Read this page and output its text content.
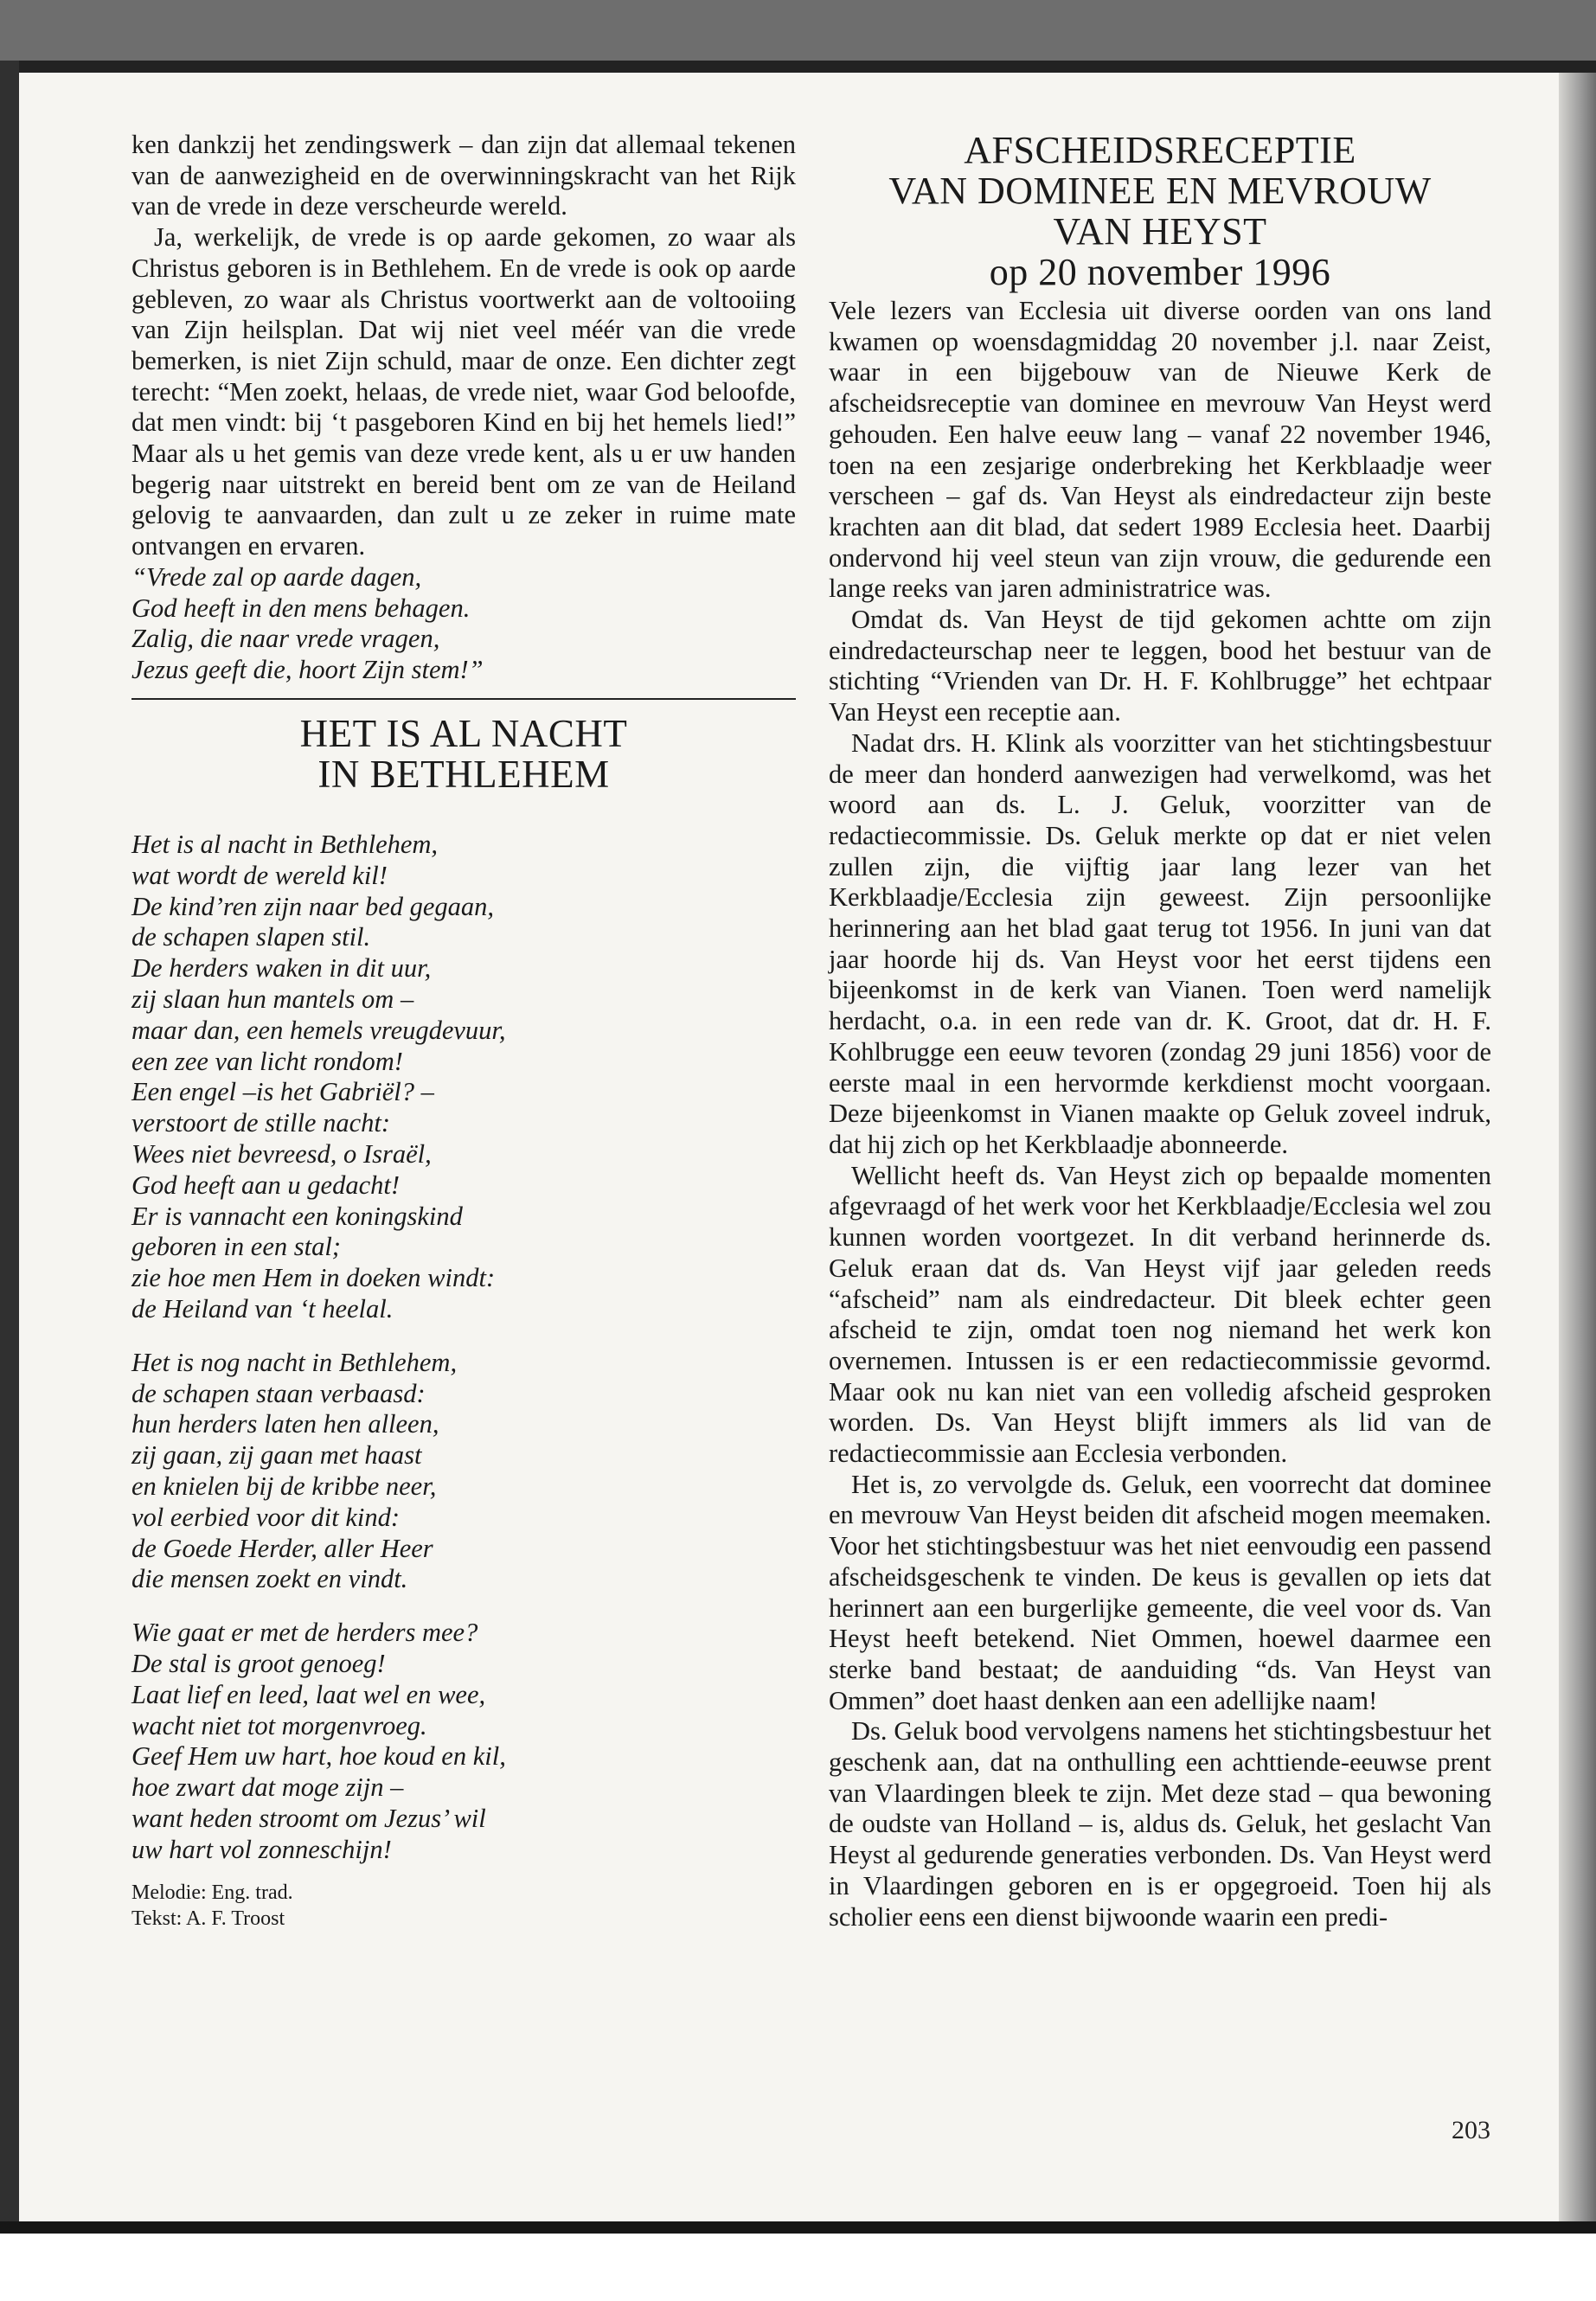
ken dankzij het zendingswerk – dan zijn dat allemaal tekenen van de aanwezigheid en de overwinningskracht van het Rijk van de vrede in deze verscheurde wereld.

Ja, werkelijk, de vrede is op aarde gekomen, zo waar als Christus geboren is in Bethlehem. En de vrede is ook op aarde gebleven, zo waar als Christus voortwerkt aan de voltooiing van Zijn heilsplan. Dat wij niet veel méér van die vrede bemerken, is niet Zijn schuld, maar de onze. Een dichter zegt terecht: “Men zoekt, helaas, de vrede niet, waar God beloofde, dat men vindt: bij ‘t pasgeboren Kind en bij het hemels lied!” Maar als u het gemis van deze vrede kent, als u er uw handen begerig naar uitstrekt en bereid bent om ze van de Heiland gelovig te aanvaarden, dan zult u ze zeker in ruime mate ontvangen en ervaren.

“Vrede zal op aarde dagen,
God heeft in den mens behagen.
Zalig, die naar vrede vragen,
Jezus geeft die, hoort Zijn stem!”

HET IS AL NACHT
IN BETHLEHEM

Het is al nacht in Bethlehem,
wat wordt de wereld kil!
De kind’ren zijn naar bed gegaan,
de schapen slapen stil.
De herders waken in dit uur,
zij slaan hun mantels om –
maar dan, een hemels vreugdevuur,
een zee van licht rondom!
Een engel –is het Gabriël? –
verstoort de stille nacht:
Wees niet bevreesd, o Israël,
God heeft aan u gedacht!
Er is vannacht een koningskind
geboren in een stal;
zie hoe men Hem in doeken windt:
de Heiland van ‘t heelal.

Het is nog nacht in Bethlehem,
de schapen staan verbaasd:
hun herders laten hen alleen,
zij gaan, zij gaan met haast
en knielen bij de kribbe neer,
vol eerbied voor dit kind:
de Goede Herder, aller Heer
die mensen zoekt en vindt.

Wie gaat er met de herders mee?
De stal is groot genoeg!
Laat lief en leed, laat wel en wee,
wacht niet tot morgenvroeg.
Geef Hem uw hart, hoe koud en kil,
hoe zwart dat moge zijn –
want heden stroomt om Jezus’ wil
uw hart vol zonneschijn!

Melodie: Eng. trad.
Tekst: A. F. Troost
AFSCHEIDSRECEPTIE
VAN DOMINEE EN MEVROUW
VAN HEYST
op 20 november 1996

Vele lezers van Ecclesia uit diverse oorden van ons land kwamen op woensdagmiddag 20 november j.l. naar Zeist, waar in een bijgebouw van de Nieuwe Kerk de afscheidsreceptie van dominee en mevrouw Van Heyst werd gehouden. Een halve eeuw lang – vanaf 22 november 1946, toen na een zesjarige onderbreking het Kerkblaadje weer verscheen – gaf ds. Van Heyst als eindredacteur zijn beste krachten aan dit blad, dat sedert 1989 Ecclesia heet. Daarbij ondervond hij veel steun van zijn vrouw, die gedurende een lange reeks van jaren administratrice was.

Omdat ds. Van Heyst de tijd gekomen achtte om zijn eindredacteurschap neer te leggen, bood het bestuur van de stichting “Vrienden van Dr. H. F. Kohlbrugge” het echtpaar Van Heyst een receptie aan.

Nadat drs. H. Klink als voorzitter van het stichtingsbestuur de meer dan honderd aanwezigen had verwelkomd, was het woord aan ds. L. J. Geluk, voorzitter van de redactiecommissie. Ds. Geluk merkte op dat er niet velen zullen zijn, die vijftig jaar lang lezer van het Kerkblaadje/Ecclesia zijn geweest. Zijn persoonlijke herinnering aan het blad gaat terug tot 1956. In juni van dat jaar hoorde hij ds. Van Heyst voor het eerst tijdens een bijeenkomst in de kerk van Vianen. Toen werd namelijk herdacht, o.a. in een rede van dr. K. Groot, dat dr. H. F. Kohlbrugge een eeuw tevoren (zondag 29 juni 1856) voor de eerste maal in een hervormde kerkdienst mocht voorgaan. Deze bijeenkomst in Vianen maakte op Geluk zoveel indruk, dat hij zich op het Kerkblaadje abonneerde.

Wellicht heeft ds. Van Heyst zich op bepaalde momenten afgevraagd of het werk voor het Kerkblaadje/Ecclesia wel zou kunnen worden voortgezet. In dit verband herinnerde ds. Geluk eraan dat ds. Van Heyst vijf jaar geleden reeds “afscheid” nam als eindredacteur. Dit bleek echter geen afscheid te zijn, omdat toen nog niemand het werk kon overnemen. Intussen is er een redactiecommissie gevormd. Maar ook nu kan niet van een volledig afscheid gesproken worden. Ds. Van Heyst blijft immers als lid van de redactiecommissie aan Ecclesia verbonden.

Het is, zo vervolgde ds. Geluk, een voorrecht dat dominee en mevrouw Van Heyst beiden dit afscheid mogen meemaken. Voor het stichtingsbestuur was het niet eenvoudig een passend afscheidsgeschenk te vinden. De keus is gevallen op iets dat herinnert aan een burgerlijke gemeente, die veel voor ds. Van Heyst heeft betekend. Niet Ommen, hoewel daarmee een sterke band bestaat; de aanduiding “ds. Van Heyst van Ommen” doet haast denken aan een adellijke naam!

Ds. Geluk bood vervolgens namens het stichtingsbestuur het geschenk aan, dat na onthulling een achttiende-eeuwse prent van Vlaardingen bleek te zijn. Met deze stad – qua bewoning de oudste van Holland – is, aldus ds. Geluk, het geslacht Van Heyst al gedurende generaties verbonden. Ds. Van Heyst werd in Vlaardingen geboren en is er opgegroeid. Toen hij als scholier eens een dienst bijwoonde waarin een predi-

203
